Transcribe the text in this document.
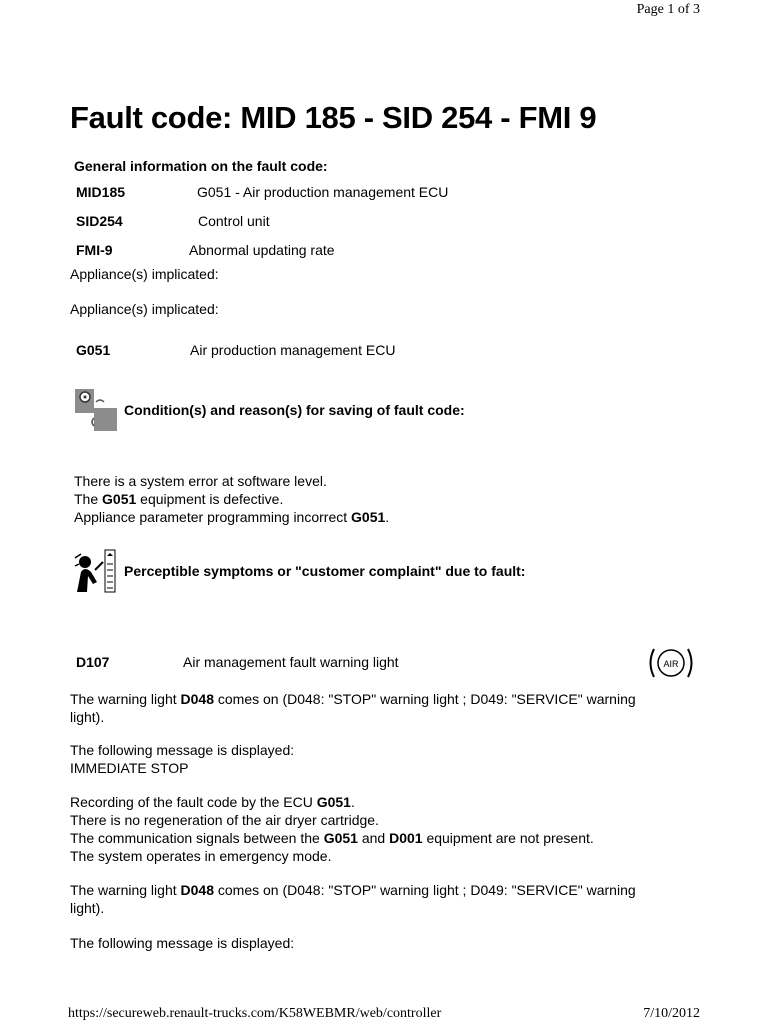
Page 1 of 3
Fault code: MID 185 - SID 254 - FMI 9
General information on the fault code:
MID185	G051 - Air production management ECU
SID254	Control unit
FMI-9	Abnormal updating rate
Appliance(s) implicated:
Appliance(s) implicated:
G051	Air production management ECU
Condition(s) and reason(s) for saving of fault code:
There is a system error at software level.
The G051 equipment is defective.
Appliance parameter programming incorrect G051.
Perceptible symptoms or "customer complaint" due to fault:
D107	Air management fault warning light	AIR
The warning light D048 comes on (D048: "STOP" warning light ; D049: "SERVICE" warning
light).
The following message is displayed:
IMMEDIATE STOP
Recording of the fault code by the ECU G051.
There is no regeneration of the air dryer cartridge.
The communication signals between the G051 and D001 equipment are not present.
The system operates in emergency mode.
The warning light D048 comes on (D048: "STOP" warning light ; D049: "SERVICE" warning
light).
The following message is displayed:
https://secureweb.renault-trucks.com/K58WEBMR/web/controller	7/10/2012
